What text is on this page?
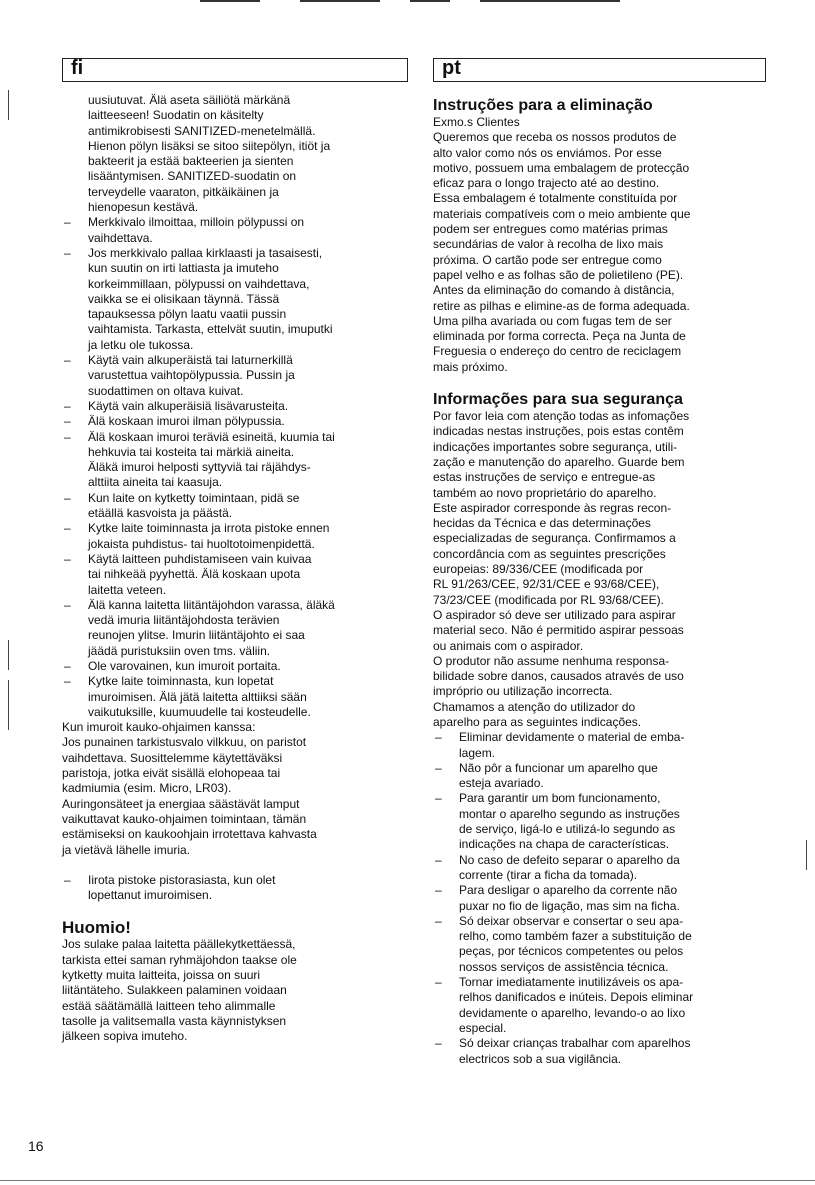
fi	pt
uusiutuvat. Älä aseta säiliötä märkänä
laitteeseen! Suodatin on käsitelty
antimikrobisesti SANITIZED-menetelmällä.
Hienon pölyn lisäksi se sitoo siitepölyn, itiöt ja
bakteerit ja estää bakteerien ja sienten
lisääntymisen. SANITIZED-suodatin on
terveydelle vaaraton, pitkäikäinen ja
hienopesun kestävä.
– Merkkivalo ilmoittaa, milloin pölypussi on
vaihdettava.
– Jos merkkivalo pallaa kirklaasti ja tasaisesti,
kun suutin on irti lattiasta ja imuteho
korkeimmillaan, pölypussi on vaihdettava,
vaikka se ei olisikaan täynnä. Tässä
tapauksessa pölyn laatu vaatii pussin
vaihtamista. Tarkasta, ettelvät suutin, imuputki
ja letku ole tukossa.
– Käytä vain alkuperäistä tai laturnerkillä
varustettua vaihtopölypussia. Pussin ja
suodattimen on oltava kuivat.
– Käytä vain alkuperäisiä lisävarusteita.
– Älä koskaan imuroi ilman pölypussia.
– Älä koskaan imuroi teräviä esineitä, kuumia tai
hehkuvia tai kosteita tai märkiä aineita.
Äläkä imuroi helposti syttyviä tai räjähdys-
alttiita aineita tai kaasuja.
– Kun laite on kytketty toimintaan, pidä se
etäällä kasvoista ja päästä.
– Kytke laite toiminnasta ja irrota pistoke ennen
jokaista puhdistus- tai huoltotoimenpidettä.
– Käytä laitteen puhdistamiseen vain kuivaa
tai nihkeää pyyhettä. Älä koskaan upota
laitetta veteen.
– Älä kanna laitetta liitäntäjohdon varassa, äläkä
vedä imuria liitäntäjohdosta terävien
reunojen ylitse. Imurin liitäntäjohto ei saa
jäädä puristuksiin oven tms. väliin.
– Ole varovainen, kun imuroit portaita.
– Kytke laite toiminnasta, kun lopetat
imuroimisen. Älä jätä laitetta alttiiksi sään
vaikutuksille, kuumuudelle tai kosteudelle.
Kun imuroit kauko-ohjaimen kanssa:
Jos punainen tarkistusvalo vilkkuu, on paristot
vaihdettava. Suosittelemme käytettäväksi
paristoja, jotka eivät sisällä elohopeaa tai
kadmiumia (esim. Micro, LR03).
Auringonsäteet ja energiaa säästävät lamput
vaikuttavat kauko-ohjaimen toimintaan, tämän
estämiseksi on kaukoohjain irrotettava kahvasta
ja vietävä lähelle imuria.
– Iirota pistoke pistorasiasta, kun olet
lopettanut imuroimisen.
Huomio!
Jos sulake palaa laitetta päällekytkettäessä,
tarkista ettei saman ryhmäjohdon taakse ole
kytketty muita laitteita, joissa on suuri
liitäntäteho. Sulakkeen palaminen voidaan
estää säätämällä laitteen teho alimmalle
tasolle ja valitsemalla vasta käynnistyksen
jälkeen sopiva imuteho.
Instruções para a eliminação
Exmo.s Clientes
Queremos que receba os nossos produtos de
alto valor como nós os enviámos. Por esse
motivo, possuem uma embalagem de protecção
eficaz para o longo trajecto até ao destino.
Essa embalagem é totalmente constituída por
materiais compatíveis com o meio ambiente que
podem ser entregues como matérias primas
secundárias de valor à recolha de lixo mais
próxima. O cartão pode ser entregue como
papel velho e as folhas são de polietileno (PE).
Antes da eliminação do comando à distância,
retire as pilhas e elimine-as de forma adequada.
Uma pilha avariada ou com fugas tem de ser
eliminada por forma correcta. Peça na Junta de
Freguesia o endereço do centro de reciclagem
mais próximo.
Informações para sua segurança
Por favor leia com atenção todas as infomações
indicadas nestas instruções, pois estas contêm
indicações importantes sobre segurança, utili-
zação e manutenção do aparelho. Guarde bem
estas instruções de serviço e entregue-as
também ao novo proprietário do aparelho.
Este aspirador corresponde às regras recon-
hecidas da Técnica e das determinações
especializadas de segurança. Confirmamos a
concordância com as seguintes prescrições
europeias: 89/336/CEE (modificada por
RL 91/263/CEE, 92/31/CEE e 93/68/CEE),
73/23/CEE (modificada por RL 93/68/CEE).
O aspirador só deve ser utilizado para aspirar
material seco. Não é permitido aspirar pessoas
ou animais com o aspirador.
O produtor não assume nenhuma responsa-
bilidade sobre danos, causados através de uso
impróprio ou utilização incorrecta.
Chamamos a atenção do utilizador do
aparelho para as seguintes indicações.
– Eliminar devidamente o material de emba-
lagem.
– Não pôr a funcionar um aparelho que
esteja avariado.
– Para garantir um bom funcionamento,
montar o aparelho segundo as instruções
de serviço, ligá-lo e utilizá-lo segundo as
indicações na chapa de características.
– No caso de defeito separar o aparelho da
corrente (tirar a ficha da tomada).
– Para desligar o aparelho da corrente não
puxar no fio de ligação, mas sim na ficha.
– Só deixar observar e consertar o seu apa-
relho, como também fazer a substituição de
peças, por técnicos competentes ou pelos
nossos serviços de assistência técnica.
– Tornar imediatamente inutilizáveis os apa-
relhos danificados e inúteis. Depois eliminar
devidamente o aparelho, levando-o ao lixo
especial.
– Só deixar crianças trabalhar com aparelhos
electricos sob a sua vigilância.
16
